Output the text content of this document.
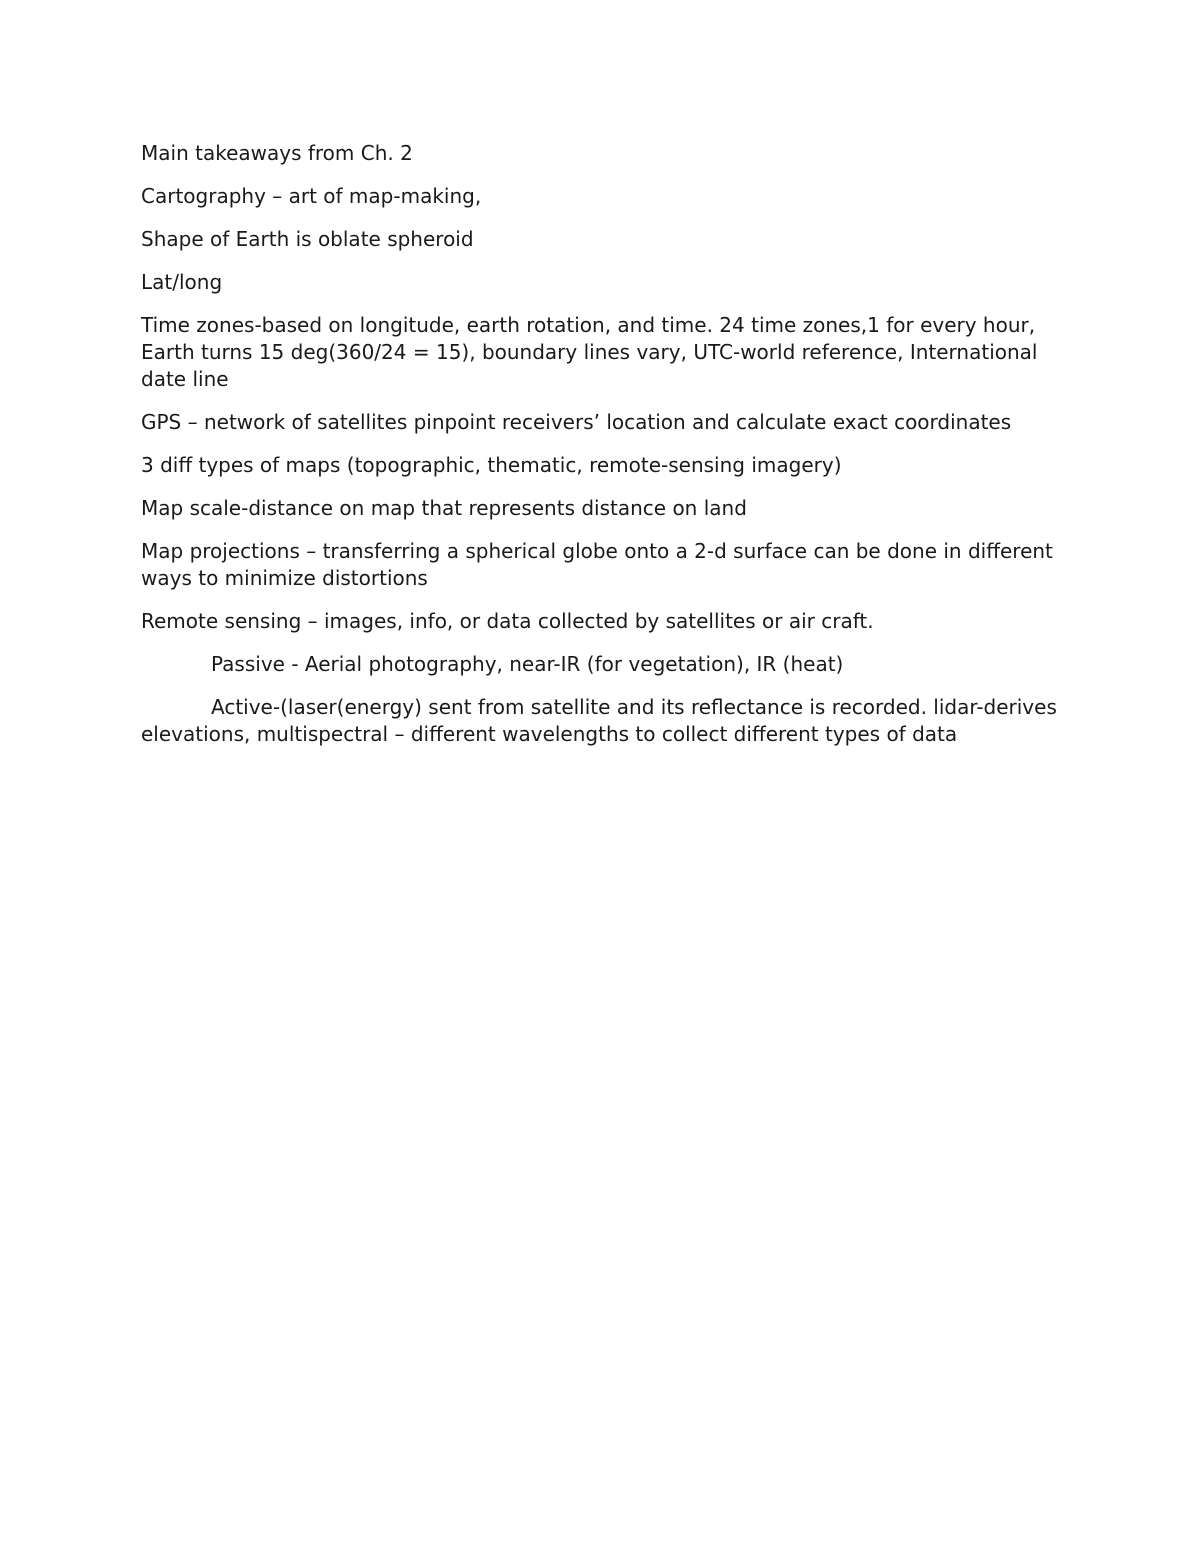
Main takeaways from Ch. 2

Cartography – art of map-making,

Shape of Earth is oblate spheroid

Lat/long

Time zones-based on longitude, earth rotation, and time. 24 time zones,1 for every hour, Earth turns 15 deg(360/24 = 15), boundary lines vary, UTC-world reference, International date line

GPS – network of satellites pinpoint receivers’ location and calculate exact coordinates

3 diff types of maps (topographic, thematic, remote-sensing imagery)

Map scale-distance on map that represents distance on land

Map projections – transferring a spherical globe onto a 2-d surface can be done in different ways to minimize distortions

Remote sensing – images, info, or data collected by satellites or air craft.

Passive - Aerial photography, near-IR (for vegetation), IR (heat)

Active-(laser(energy) sent from satellite and its reflectance is recorded. lidar-derives elevations, multispectral – different wavelengths to collect different types of data
